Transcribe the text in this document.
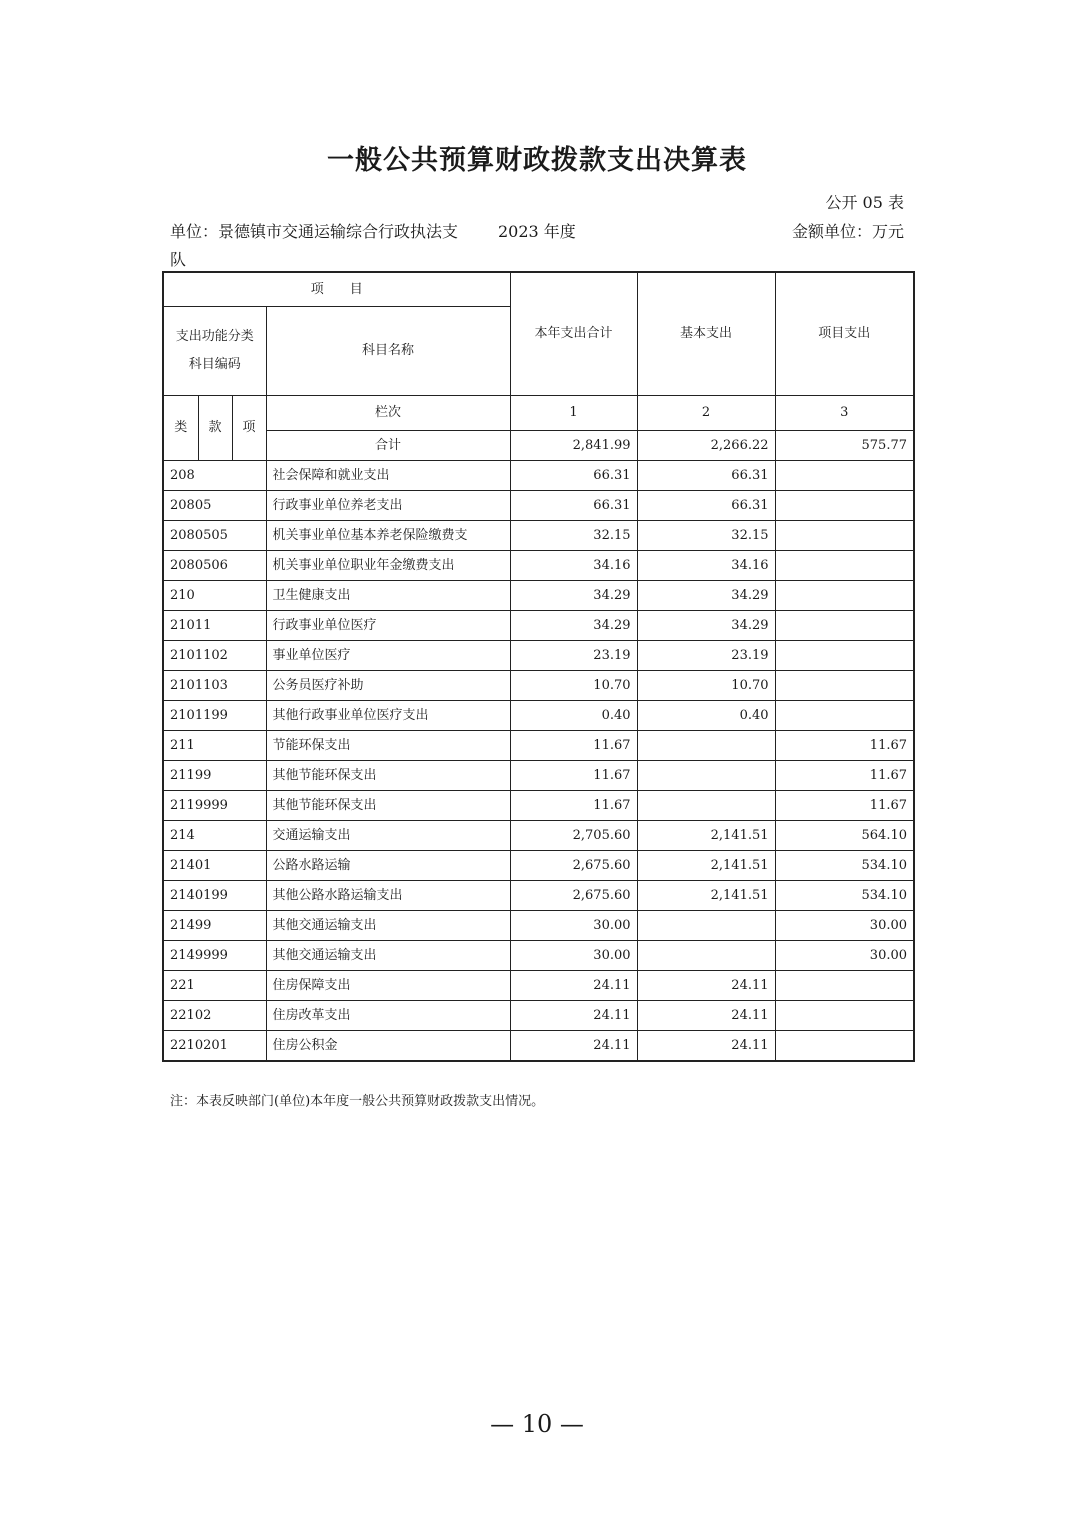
一般公共预算财政拨款支出决算表
公开 05 表
单位：景德镇市交通运输综合行政执法支队
2023 年度	金额单位：万元
项　　目				本年支出合计	基本支出	项目支出
支出功能分类科目编码			科目名称			
类	款	项	栏次	1	2	3
			合计	2,841.99	2,266.22	575.77
208			社会保障和就业支出	66.31	66.31	
20805			行政事业单位养老支出	66.31	66.31	
2080505			机关事业单位基本养老保险缴费支	32.15	32.15	
2080506			机关事业单位职业年金缴费支出	34.16	34.16	
210			卫生健康支出	34.29	34.29	
21011			行政事业单位医疗	34.29	34.29	
2101102			事业单位医疗	23.19	23.19	
2101103			公务员医疗补助	10.70	10.70	
2101199			其他行政事业单位医疗支出	0.40	0.40	
211			节能环保支出	11.67		11.67
21199			其他节能环保支出	11.67		11.67
2119999			其他节能环保支出	11.67		11.67
214			交通运输支出	2,705.60	2,141.51	564.10
21401			公路水路运输	2,675.60	2,141.51	534.10
2140199			其他公路水路运输支出	2,675.60	2,141.51	534.10
21499			其他交通运输支出	30.00		30.00
2149999			其他交通运输支出	30.00		30.00
221			住房保障支出	24.11	24.11	
22102			住房改革支出	24.11	24.11	
2210201			住房公积金	24.11	24.11	
注：本表反映部门(单位)本年度一般公共预算财政拨款支出情况。
— 10 —
